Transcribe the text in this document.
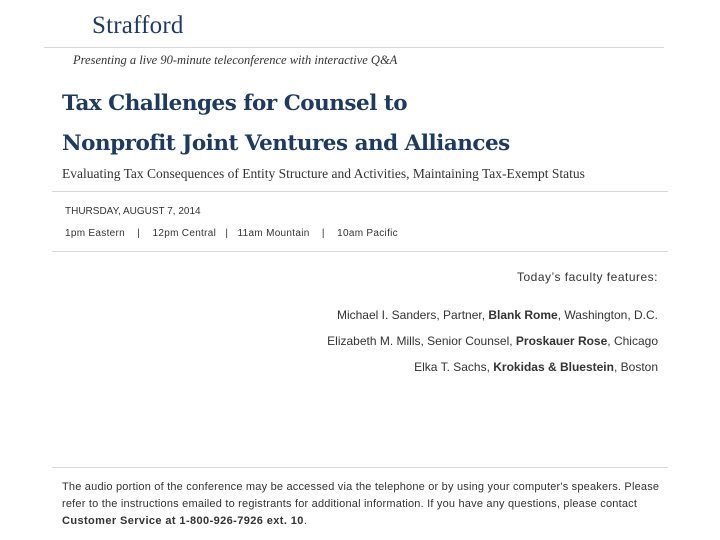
Strafford
Presenting a live 90-minute teleconference with interactive Q&A
Tax Challenges for Counsel to
Nonprofit Joint Ventures and Alliances
Evaluating Tax Consequences of Entity Structure and Activities, Maintaining Tax-Exempt Status
THURSDAY, AUGUST 7, 2014
1pm Eastern    |    12pm Central   |   11am Mountain    |    10am Pacific
Today’s faculty features:
Michael I. Sanders, Partner, Blank Rome, Washington, D.C.
Elizabeth M. Mills, Senior Counsel, Proskauer Rose, Chicago
Elka T. Sachs, Krokidas & Bluestein, Boston
The audio portion of the conference may be accessed via the telephone or by using your computer's speakers. Please refer to the instructions emailed to registrants for additional information. If you have any questions, please contact Customer Service at 1-800-926-7926 ext. 10.
